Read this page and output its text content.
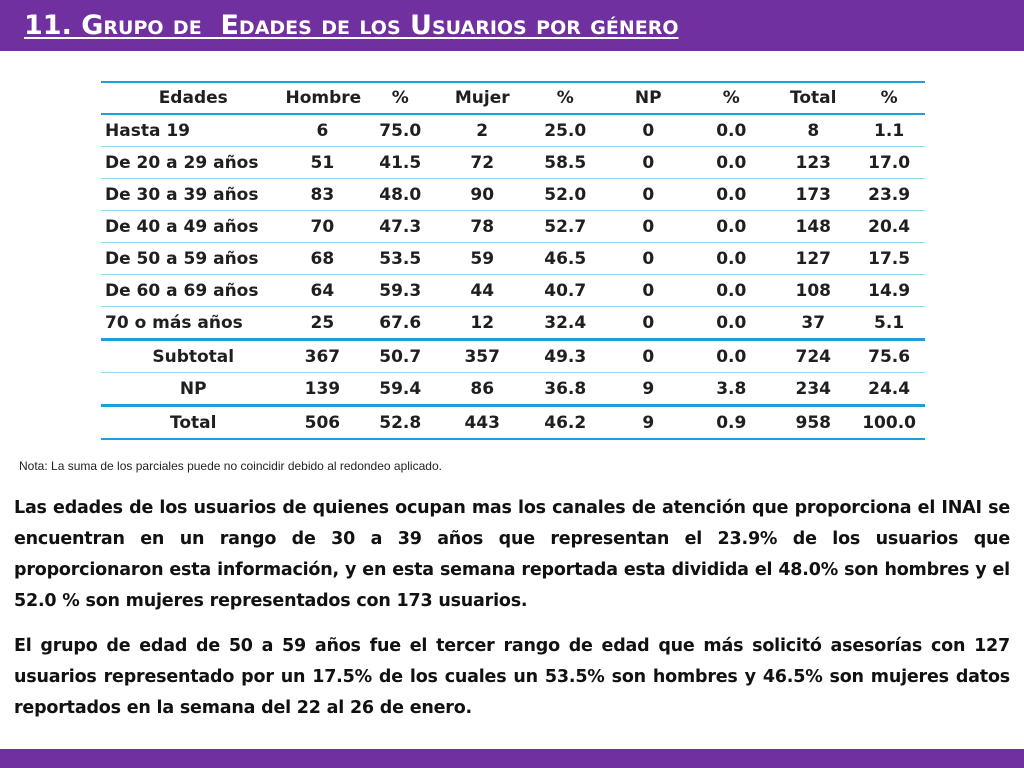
11. Grupo de  Edades de los Usuarios por género
Edades	Hombre	%	Mujer	%	NP	%	Total	%
Hasta 19	6	75.0	2	25.0	0	0.0	8	1.1
De 20 a 29 años	51	41.5	72	58.5	0	0.0	123	17.0
De 30 a 39 años	83	48.0	90	52.0	0	0.0	173	23.9
De 40 a 49 años	70	47.3	78	52.7	0	0.0	148	20.4
De 50 a 59 años	68	53.5	59	46.5	0	0.0	127	17.5
De 60 a 69 años	64	59.3	44	40.7	0	0.0	108	14.9
70 o más años	25	67.6	12	32.4	0	0.0	37	5.1
Subtotal	367	50.7	357	49.3	0	0.0	724	75.6
NP	139	59.4	86	36.8	9	3.8	234	24.4
Total	506	52.8	443	46.2	9	0.9	958	100.0
Nota: La suma de los parciales puede no coincidir debido al redondeo aplicado.
Las edades de los usuarios de quienes ocupan mas los canales de atención que proporciona el INAI se encuentran en un rango de 30 a 39 años que representan el 23.9% de los usuarios que proporcionaron esta información, y en esta semana reportada esta dividida el 48.0% son hombres y el 52.0 % son mujeres representados con 173 usuarios.
El grupo de edad de 50 a 59 años fue el tercer rango de edad que más solicitó asesorías con 127 usuarios representado por un 17.5% de los cuales un 53.5% son hombres y 46.5% son mujeres datos reportados en la semana del 22 al 26 de enero.
